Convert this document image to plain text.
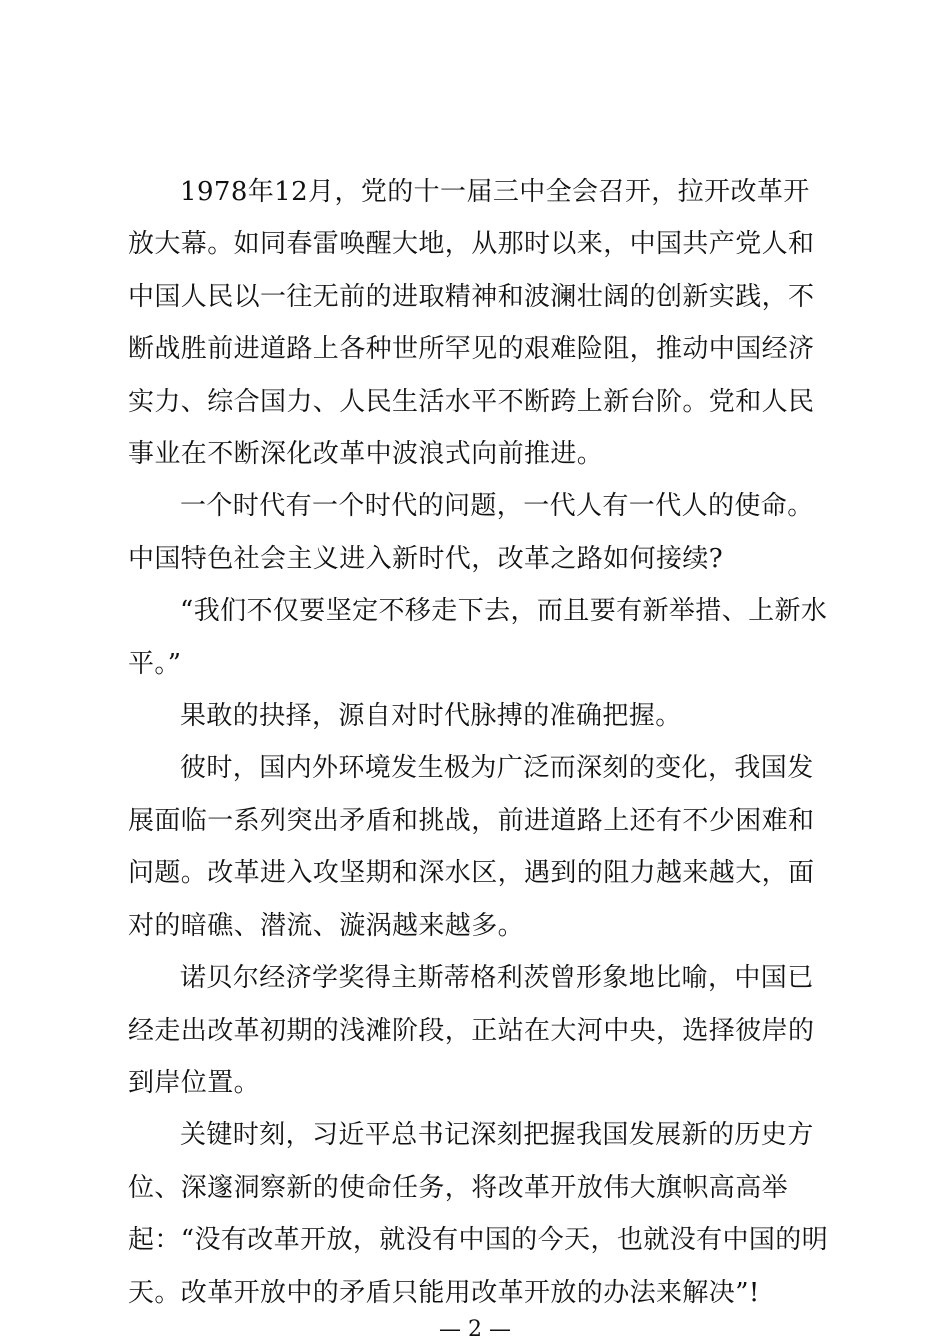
1978年12月，党的十一届三中全会召开，拉开改革开放大幕。如同春雷唤醒大地，从那时以来，中国共产党人和中国人民以一往无前的进取精神和波澜壮阔的创新实践，不断战胜前进道路上各种世所罕见的艰难险阻，推动中国经济实力、综合国力、人民生活水平不断跨上新台阶。党和人民事业在不断深化改革中波浪式向前推进。

一个时代有一个时代的问题，一代人有一代人的使命。中国特色社会主义进入新时代，改革之路如何接续?

“我们不仅要坚定不移走下去，而且要有新举措、上新水平。”

果敢的抉择，源自对时代脉搏的准确把握。

彼时，国内外环境发生极为广泛而深刻的变化，我国发展面临一系列突出矛盾和挑战，前进道路上还有不少困难和问题。改革进入攻坚期和深水区，遇到的阻力越来越大，面对的暗礁、潜流、漩涡越来越多。

诺贝尔经济学奖得主斯蒂格利茨曾形象地比喻，中国已经走出改革初期的浅滩阶段，正站在大河中央，选择彼岸的到岸位置。

关键时刻，习近平总书记深刻把握我国发展新的历史方位、深邃洞察新的使命任务，将改革开放伟大旗帜高高举起：“没有改革开放，就没有中国的今天，也就没有中国的明天。改革开放中的矛盾只能用改革开放的办法来解决”!

— 2 —
